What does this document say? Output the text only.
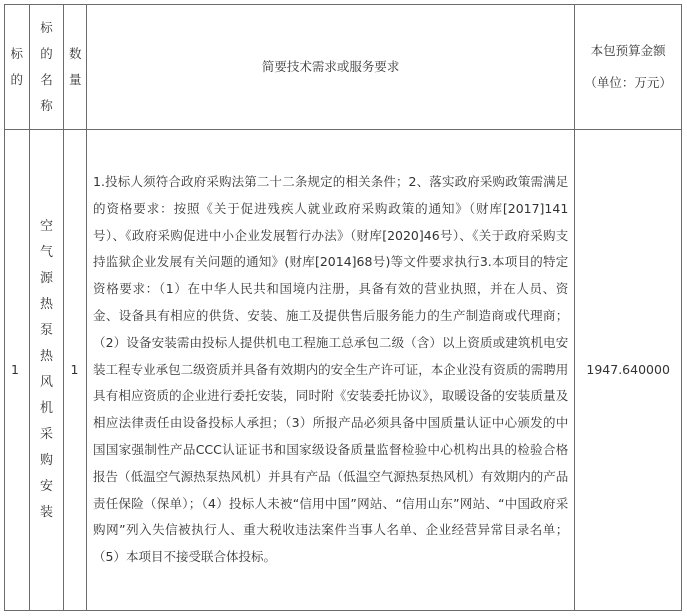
标的	标的名称	数量	简要技术需求或服务要求	本包预算金额（单位：万元）

1	空气源热泵热风机采购安装	1	1.投标人须符合政府采购法第二十二条规定的相关条件；2、落实政府采购政策需满足的资格要求：按照《关于促进残疾人就业政府采购政策的通知》（财库[2017]141号）、《政府采购促进中小企业发展暂行办法》（财库[2020]46号）、《关于政府采购支持监狱企业发展有关问题的通知》(财库[2014]68号)等文件要求执行3.本项目的特定资格要求：（1）在中华人民共和国境内注册，具备有效的营业执照，并在人员、资金、设备具有相应的供货、安装、施工及提供售后服务能力的生产制造商或代理商；（2）设备安装需由投标人提供机电工程施工总承包二级（含）以上资质或建筑机电安装工程专业承包二级资质并具备有效期内的安全生产许可证，本企业没有资质的需聘用具有相应资质的企业进行委托安装，同时附《安装委托协议》，取暖设备的安装质量及相应法律责任由设备投标人承担；（3）所报产品必须具备中国质量认证中心颁发的中国国家强制性产品CCC认证证书和国家级设备质量监督检验中心机构出具的检验合格报告（低温空气源热泵热风机）并具有产品（低温空气源热泵热风机）有效期内的产品责任保险（保单）；（4）投标人未被“信用中国”网站、“信用山东”网站、“中国政府采购网”列入失信被执行人、重大税收违法案件当事人名单、企业经营异常目录名单；（5）本项目不接受联合体投标。	1947.640000
